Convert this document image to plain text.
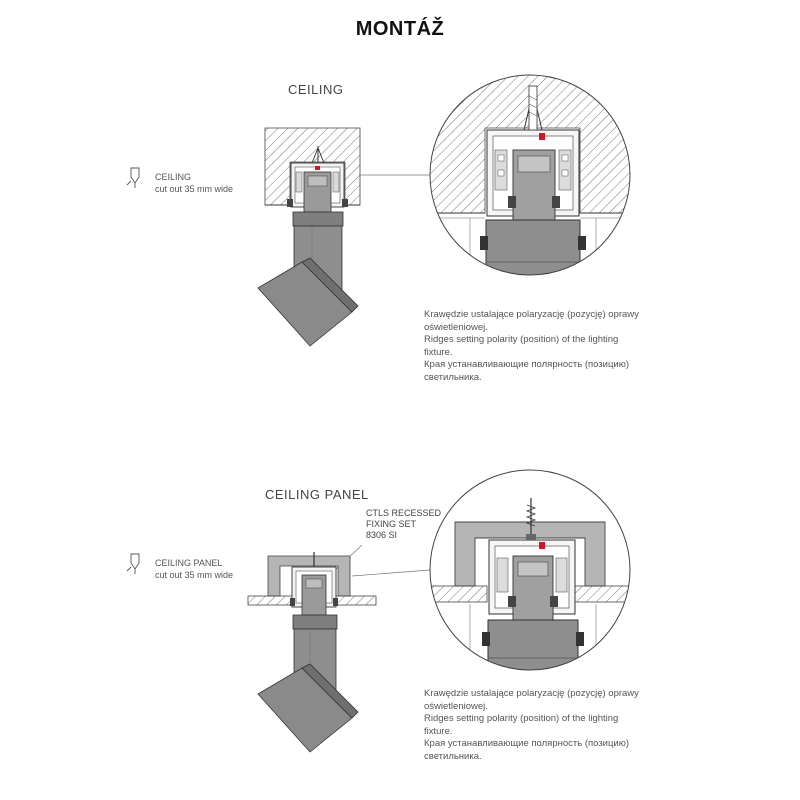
MONTÁŽ
CEILING
CEILING PANEL
CEILING
cut out 35 mm wide
CEILING PANEL
cut out 35 mm wide
CTLS RECESSED
FIXING SET
8306 SI
Krawędzie ustalające polaryzację (pozycję) oprawy
oświetleniowej.
Ridges setting polarity (position) of the lighting
fixture.
Края устанавливающие полярность (позицию)
светильника.
Krawędzie ustalające polaryzację (pozycję) oprawy
oświetleniowej.
Ridges setting polarity (position) of the lighting
fixture.
Края устанавливающие полярность (позицию)
светильника.
